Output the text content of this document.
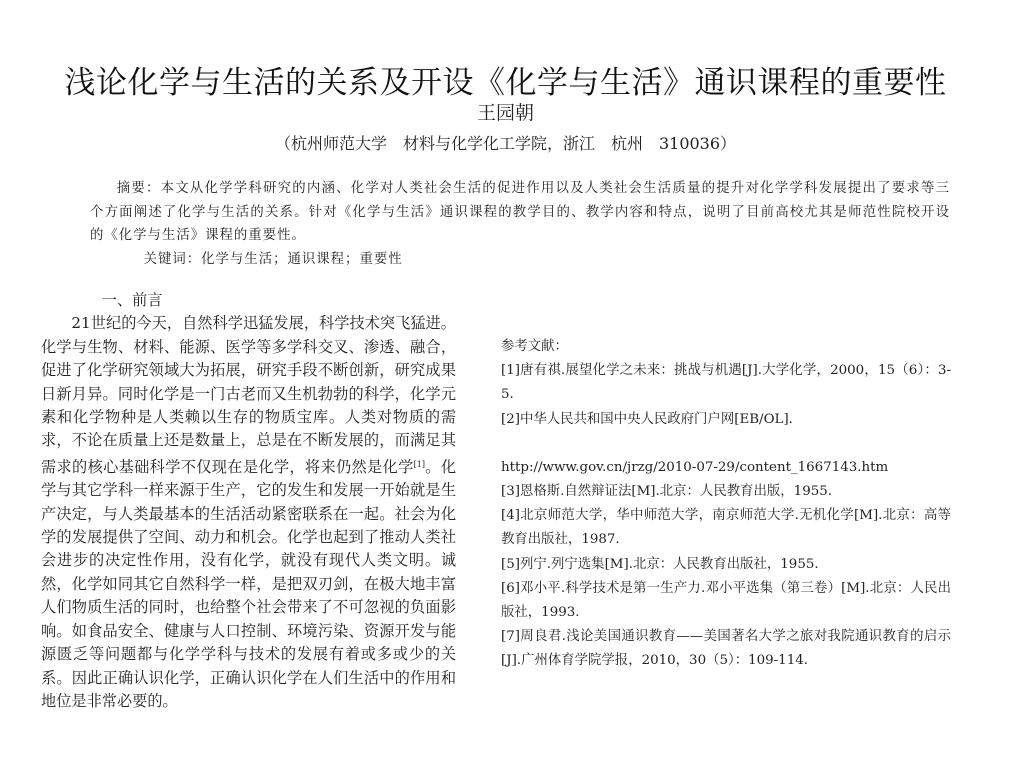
浅论化学与生活的关系及开设《化学与生活》通识课程的重要性
王园朝
（杭州师范大学　材料与化学化工学院，浙江　杭州　310036）

摘要：本文从化学学科研究的内涵、化学对人类社会生活的促进作用以及人类社会生活质量的提升对化学学科发展提出了要求等三个方面阐述了化学与生活的关系。针对《化学与生活》通识课程的教学目的、教学内容和特点，说明了目前高校尤其是师范性院校开设的《化学与生活》课程的重要性。

关键词：化学与生活；通识课程；重要性

一、前言

21世纪的今天，自然科学迅猛发展，科学技术突飞猛进。化学与生物、材料、能源、医学等多学科交叉、渗透、融合，促进了化学研究领域大为拓展，研究手段不断创新，研究成果日新月异。同时化学是一门古老而又生机勃勃的科学，化学元素和化学物种是人类赖以生存的物质宝库。人类对物质的需求，不论在质量上还是数量上，总是在不断发展的，而满足其需求的核心基础科学不仅现在是化学，将来仍然是化学[1]。化学与其它学科一样来源于生产，它的发生和发展一开始就是生产决定，与人类最基本的生活活动紧密联系在一起。社会为化学的发展提供了空间、动力和机会。化学也起到了推动人类社会进步的决定性作用，没有化学，就没有现代人类文明。诚然，化学如同其它自然科学一样，是把双刃剑，在极大地丰富人们物质生活的同时，也给整个社会带来了不可忽视的负面影响。如食品安全、健康与人口控制、环境污染、资源开发与能源匮乏等问题都与化学学科与技术的发展有着或多或少的关系。因此正确认识化学，正确认识化学在人们生活中的作用和地位是非常必要的。

参考文献：

[1]唐有祺.展望化学之未来：挑战与机遇[J].大学化学，2000，15（6）：3-5.

[2]中华人民共和国中央人民政府门户网[EB/OL].

http://www.gov.cn/jrzg/2010-07-29/content_1667143.htm

[3]恩格斯.自然辩证法[M].北京：人民教育出版，1955.

[4]北京师范大学，华中师范大学，南京师范大学.无机化学[M].北京：高等教育出版社，1987.

[5]列宁.列宁选集[M].北京：人民教育出版社，1955.

[6]邓小平.科学技术是第一生产力.邓小平选集（第三卷）[M].北京：人民出版社，1993.

[7]周良君.浅论美国通识教育——美国著名大学之旅对我院通识教育的启示[J].广州体育学院学报，2010，30（5）：109-114.
